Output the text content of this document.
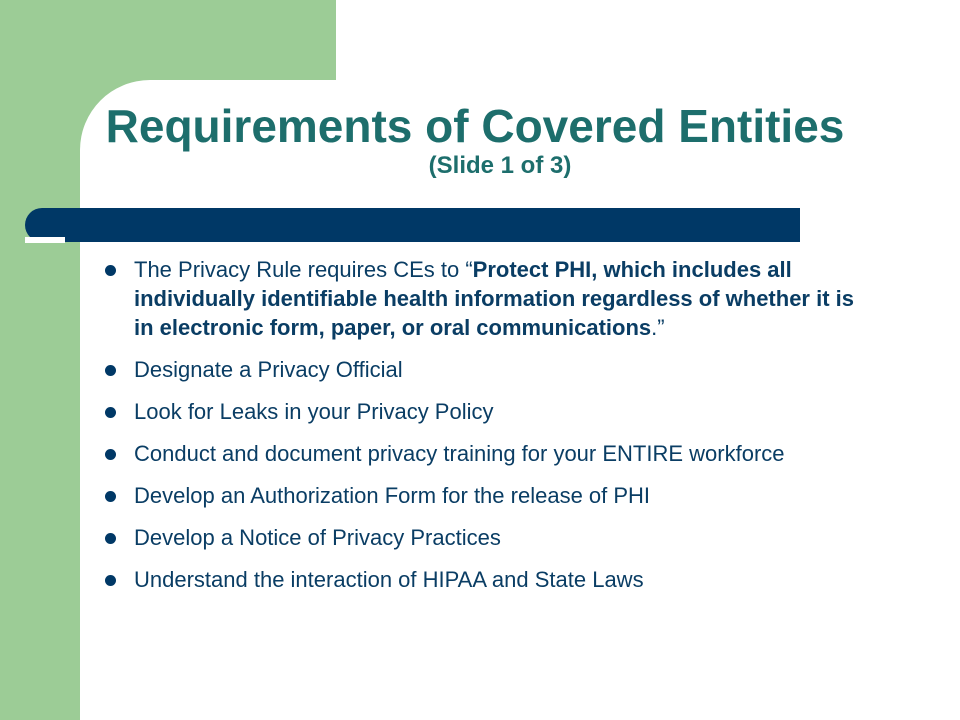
Requirements of Covered Entities
(Slide 1 of 3)
The Privacy Rule requires CEs to “Protect PHI, which includes all individually identifiable health information regardless of whether it is in electronic form, paper, or oral communications.”
Designate a Privacy Official
Look for Leaks in your Privacy Policy
Conduct and document privacy training for your ENTIRE workforce
Develop an Authorization Form for the release of PHI
Develop a Notice of Privacy Practices
Understand the interaction of HIPAA and State Laws
